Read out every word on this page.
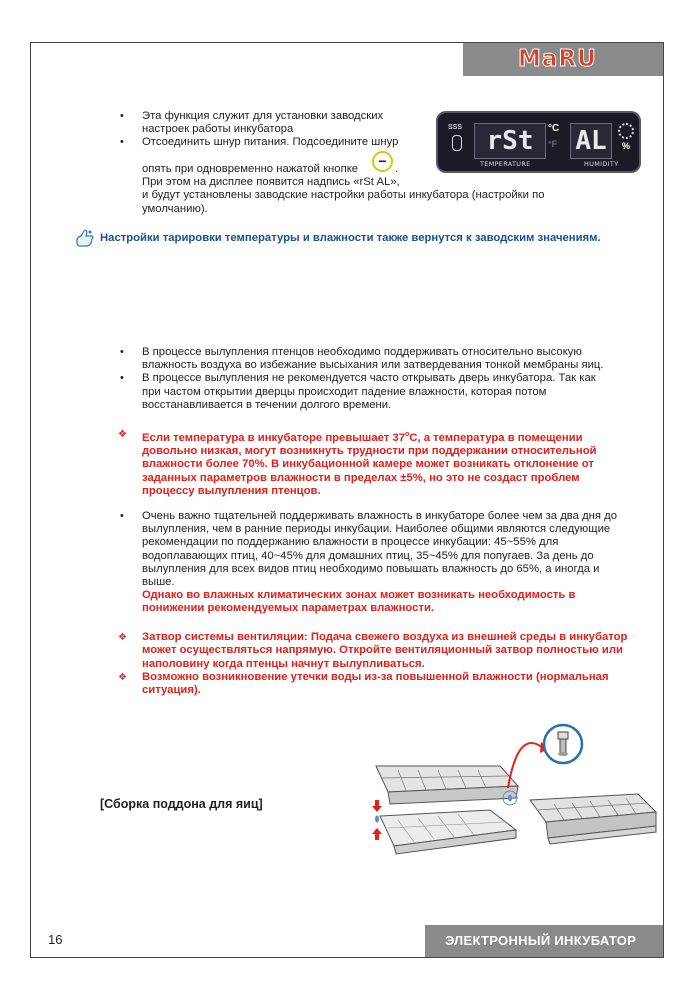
MaRU
• Эта функция служит для установки заводских настроек работы инкубатора
• Отсоединить шнур питания. Подсоедините шнур
опять при одновременно нажатой кнопке	− .
При этом на дисплее появится надпись «rSt AL»,
и будут установлены заводские настройки работы инкубатора (настройки по
умолчанию).
SSS rSt	°C
°F
TEMPERATURE
AL	%
HUMIDITY
Настройки тарировки температуры и влажности также вернутся к заводским значениям.
• В процессе вылупления птенцов необходимо поддерживать относительно высокую влажность воздуха во избежание высыхания или затвердевания тонкой мембраны яиц.
• В процессе вылупления не рекомендуется часто открывать дверь инкубатора. Так как при частом открытии дверцы происходит падение влажности, которая потом восстанавливается в течении долгого времени.
❖ Если температура в инкубаторе превышает 37$^o$C, а температура в помещении довольно низкая, могут возникнуть трудности при поддержании относительной влажности более 70%. В инкубационной камере может возникать отклонение от заданных параметров влажности в пределах ±5%, но это не создаст проблем процессу вылупления птенцов.
• Очень важно тщательней поддерживать влажность в инкубаторе более чем за два дня до вылупления, чем в ранние периоды инкубации. Наиболее общими являются следующие рекомендации по поддержанию влажности в процессе инкубации: 45~55% для водоплавающих птиц, 40~45% для домашних птиц, 35~45% для попугаев. За день до вылупления для всех видов птиц необходимо повышать влажность до 65%, а иногда и выше.
Однако во влажных климатических зонах может возникать необходимость в понижении рекомендуемых параметрах влажности.
❖ Затвор системы вентиляции: Подача свежего воздуха из внешней среды в инкубатор может осуществляться напрямую. Откройте вентиляционный затвор полностью или наполовину когда птенцы начнут вылупливаться.
❖ Возможно возникновение утечки воды из-за повышенной влажности (нормальная ситуация).
[Сборка поддона для яиц]
16	ЭЛЕКТРОННЫЙ ИНКУБАТОР
